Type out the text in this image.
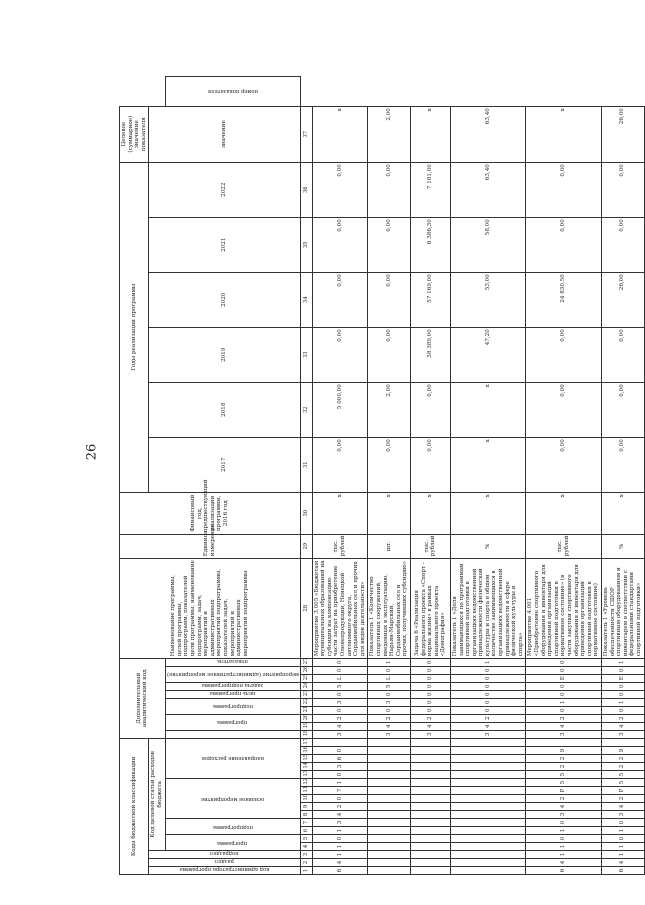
26
Коды бюджетной классификации																	Дополнительный аналитический код										Наименование программы, целей программы, подпрограмм, показателей цели программы, наименование подпрограмм, задач, мероприятий и административных мероприятий подпрограммы, показателей задач, мероприятий и административных мероприятий подпрограммы	Единица измерения	Финансовый год, предшествующий реализации программы, 2016 год	Годы реализации программы						Целевое (суммарное) значение показателя	

код администратора программы	раздел	подраздел	Код целевой статьи расходов бюджета																											2017	2018	2019	2020	2021	2022	значение	

			программа		подпрограмма		основное мероприятие					направление расходов						программа		подпрограмма		цель программы	задача подпрограммы	мероприятие (административное мероприятие)		показатель											номер показателя

1	2	3	4	5	6	7	8	9	10	11	12	13	14	15	16	17	18	19	20	21	22	23	24	25	26	27	28	29	30	31	32	33	34	35	36	37	
6	4	1	1	0	1	3	4	2	0	7	1	0	3	6	0		3	4	2	0	3	0	5	L	0	0	Мероприятие 3.005 «Бюджетам муниципальных образований на субсидии на компенсацию части затрат на приобретение Оленепродукции, Ненецкой автономного округа, Сорданмобильных сел и прочих для видов деятельности»	тыс. рублей	x	0,00	5 000,00	0,00	0,00	0,00	0,00	x	
																	3	4	2	0	3	0	5	L	0	1	Показатель 1 «Количество спортивных сооружений, введенных в эксплуатацию, Нарьян-Марский, Сорданмобильных сел и прочих, получивших субсидию»	шт.	x	0,00	2,00	0,00	0,00	0,00	0,00	2,00	
																	3	4	2	0	0	0	0	0	0	0	Задача 6 «Реализация федерального проекта «Спорт - норма жизни» в рамках национального проекта «Демография»	тыс. рублей	x	0,00	0,00	38 389,00	57 169,00	6 386,30	7 181,00	x	
																	3	4	2	0	0	0	0	0	0	1	Показатель 1 «Доля занимающихся по программам спортивной подготовки в организациях ведомственной принадлежности физической культуры и спорта в общем количестве занимающихся в организациях ведомственной принадлежности в сфере физической культуры и спорта»	%	x	x	x	47,20	53,00	58,00	63,40	63,40	
6	4	1	1	0	1	0	3	4	2	P	5	5	2	2	9		3	4	2	0	1	0	0	E	0	0	Мероприятие 4.001 «Приобретение спортивного оборудования и инвентаря для приведения организаций спортивной подготовки в нормативное состояние» (в части закупки спортивного оборудования и инвентаря для приведения организаций спортивной подготовки в нормативное состояние)	тыс. рублей	x	0,00	0,00	0,00	24 830,50	0,00	0,00	x	
6	4	1	1	0	1	0	3	4	2	P	5	5	2	2	9		3	4	2	0	1	0	0	E	0	1	Показатель 1 «Уровень обеспеченности СШОР спортивным оборудованием и инвентарем в соответствии с федеральными стандартами спортивной подготовки»	%	x	0,00	0,00	0,00	26,00	0,00	0,00	26,00	
